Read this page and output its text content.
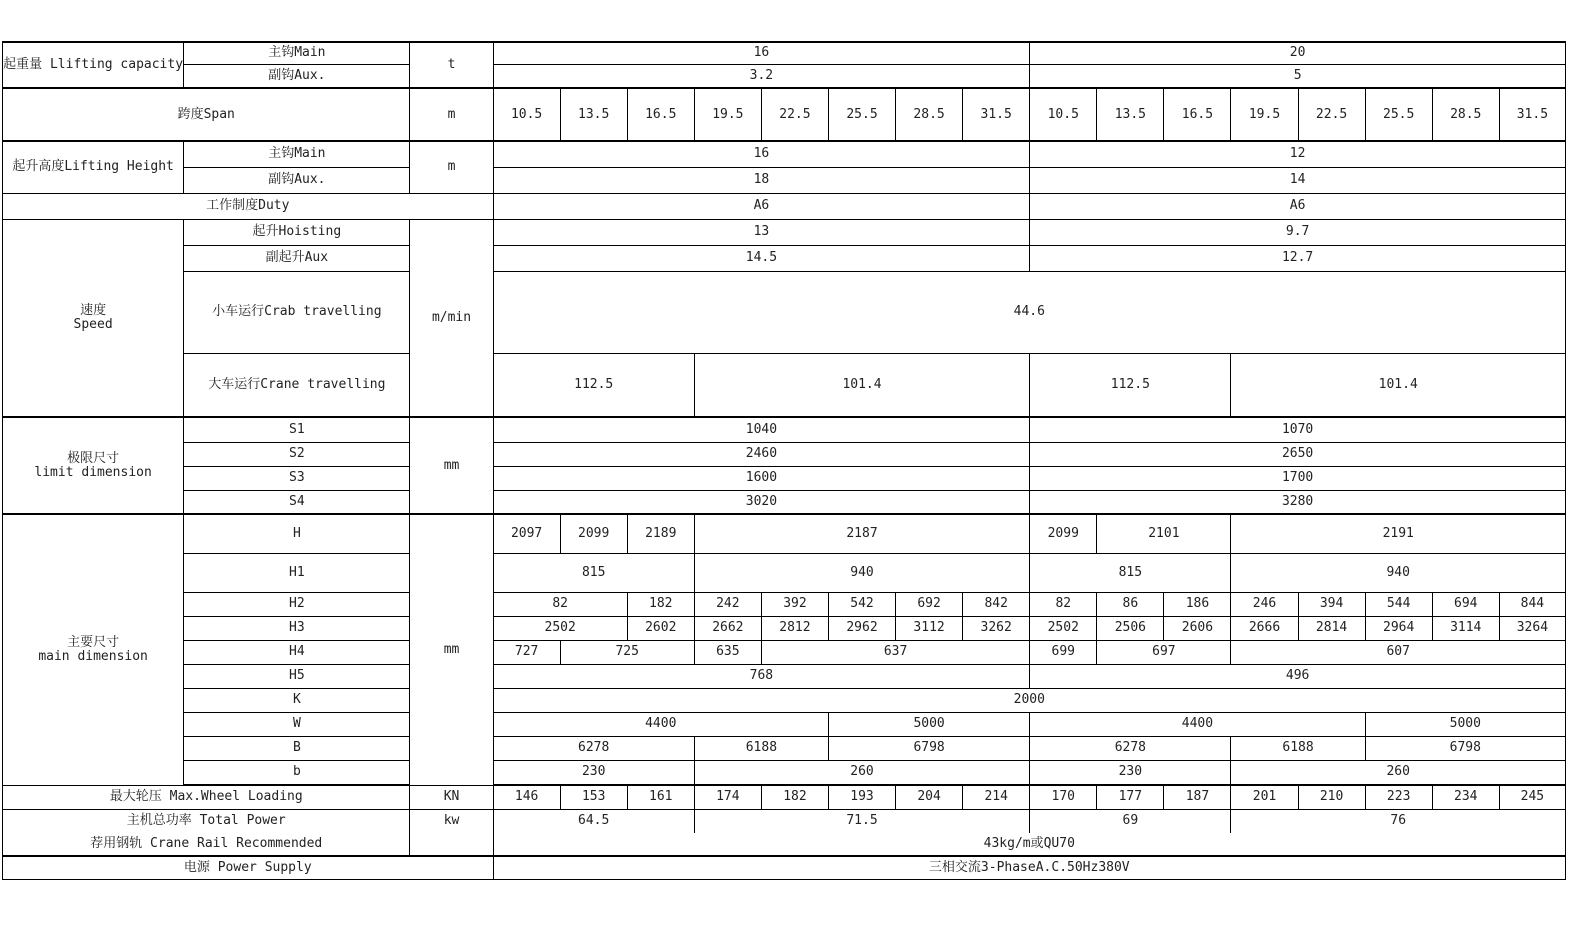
起重量 Llifting capacity	主钩Main	t	16								20							
	副钩Aux.		3.2								5							
跨度Span		m	10.5	13.5	16.5	19.5	22.5	25.5	28.5	31.5	10.5	13.5	16.5	19.5	22.5	25.5	28.5	31.5
起升高度Lifting Height	主钩Main	m	16								12							
	副钩Aux.		18								14							
工作制度Duty			A6								A6							

速度
Speed	起升Hoisting	m/min	13								9.7							
	副起升Aux		14.5								12.7							
	小车运行Crab travelling		44.6															
	大车运行Crane travelling		112.5			101.4					112.5			101.4				

极限尺寸
limit dimension	S1	mm	1040								1070							
	S2		2460								2650							
	S3		1600								1700							
	S4		3020								3280							

主要尺寸
main dimension	H	mm	2097	2099	2189	2187					2099	2101		2191				
	H1		815			940					815			940				
	H2		82		182	242	392	542	692	842	82	86	186	246	394	544	694	844
	H3		2502		2602	2662	2812	2962	3112	3262	2502	2506	2606	2666	2814	2964	3114	3264
	H4		727	725		635	637				699	697		607				
	H5		768								496							
	K		2000															
	W		4400					5000			4400					5000		
	B		6278			6188		6798			6278			6188		6798		
	b		230			260					230			260				

最大轮压 Max.Wheel Loading		KN	146	153	161	174	182	193	204	214	170	177	187	201	210	223	234	245
主机总功率 Total Power		kw	64.5			71.5					69			76				
荐用钢轨 Crane Rail Recommended			43kg/m或QU70															
电源 Power Supply			三相交流3-PhaseA.C.50Hz380V															
